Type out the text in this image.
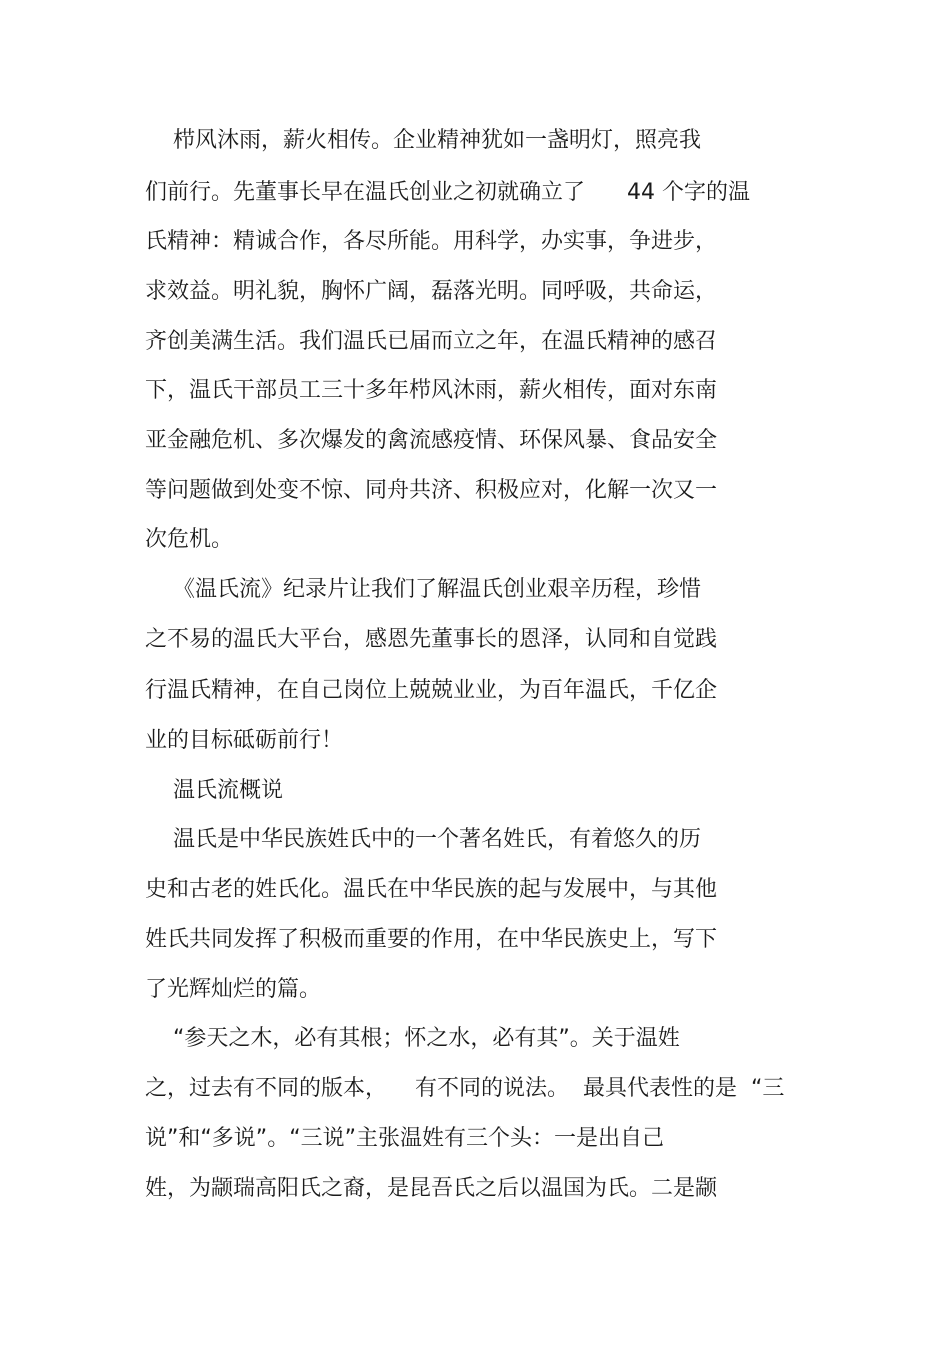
栉风沐雨，薪火相传。企业精神犹如一盏明灯，照亮我
们前行。先董事长早在温氏创业之初就确立了      44 个字的温
氏精神：精诚合作，各尽所能。用科学，办实事，争进步，
求效益。明礼貌，胸怀广阔，磊落光明。同呼吸，共命运，
齐创美满生活。我们温氏已届而立之年，在温氏精神的感召
下，温氏干部员工三十多年栉风沐雨，薪火相传，面对东南
亚金融危机、多次爆发的禽流感疫情、环保风暴、食品安全
等问题做到处变不惊、同舟共济、积极应对，化解一次又一
次危机。
《温氏流》纪录片让我们了解温氏创业艰辛历程，珍惜
之不易的温氏大平台，感恩先董事长的恩泽，认同和自觉践
行温氏精神，在自己岗位上兢兢业业，为百年温氏，千亿企
业的目标砥砺前行！
温氏流概说
温氏是中华民族姓氏中的一个著名姓氏，有着悠久的历
史和古老的姓氏化。温氏在中华民族的起与发展中，与其他
姓氏共同发挥了积极而重要的作用，在中华民族史上，写下
了光辉灿烂的篇。
“参天之木，必有其根；怀之水，必有其”。关于温姓
之，过去有不同的版本，    有不同的说法。  最具代表性的是  “三
说”和“多说”。“三说”主张温姓有三个头：一是出自己
姓，为颛瑞高阳氏之裔，是昆吾氏之后以温国为氏。二是颛
